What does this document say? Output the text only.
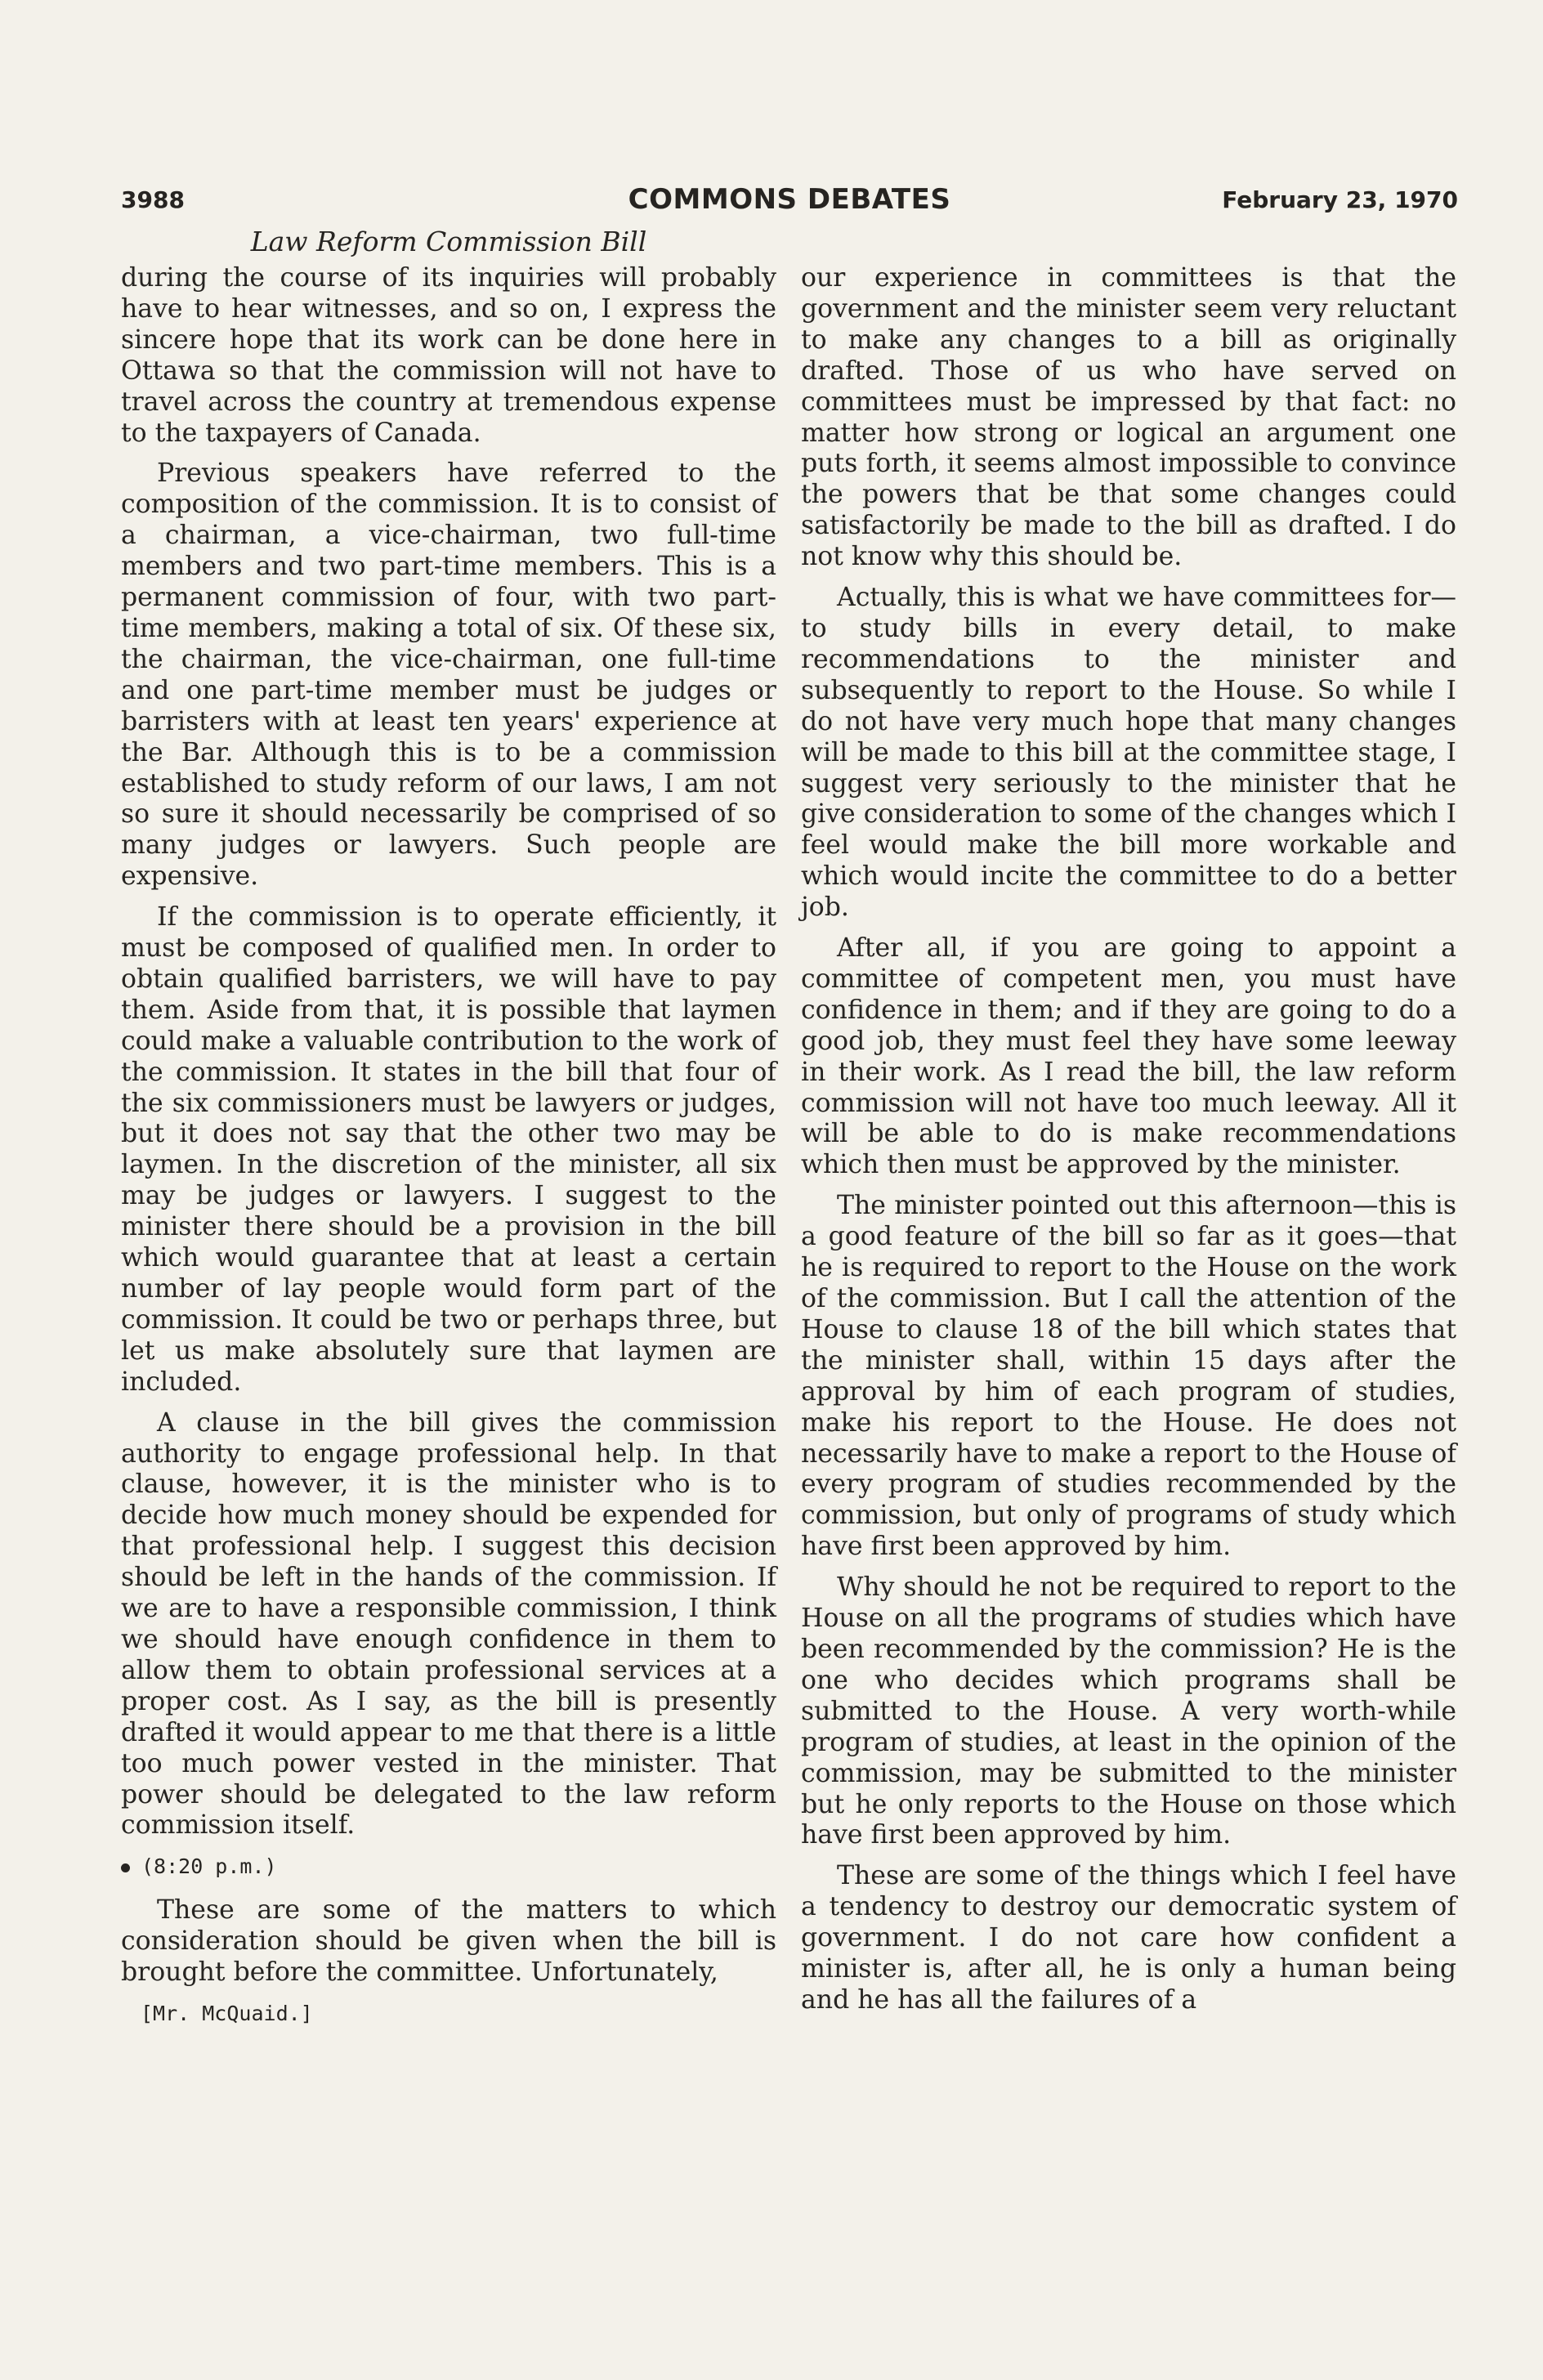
3988	COMMONS DEBATES	February 23, 1970
Law Reform Commission Bill

during the course of its inquiries will probably have to hear witnesses, and so on, I express the sincere hope that its work can be done here in Ottawa so that the commission will not have to travel across the country at tremendous expense to the taxpayers of Canada.

Previous speakers have referred to the composition of the commission. It is to consist of a chairman, a vice-chairman, two full-time members and two part-time members. This is a permanent commission of four, with two part-time members, making a total of six. Of these six, the chairman, the vice-chairman, one full-time and one part-time member must be judges or barristers with at least ten years' experience at the Bar. Although this is to be a commission established to study reform of our laws, I am not so sure it should necessarily be comprised of so many judges or lawyers. Such people are expensive.

If the commission is to operate efficiently, it must be composed of qualified men. In order to obtain qualified barristers, we will have to pay them. Aside from that, it is possible that laymen could make a valuable contribution to the work of the commission. It states in the bill that four of the six commissioners must be lawyers or judges, but it does not say that the other two may be laymen. In the discretion of the minister, all six may be judges or lawyers. I suggest to the minister there should be a provision in the bill which would guarantee that at least a certain number of lay people would form part of the commission. It could be two or perhaps three, but let us make absolutely sure that laymen are included.

A clause in the bill gives the commission authority to engage professional help. In that clause, however, it is the minister who is to decide how much money should be expended for that professional help. I suggest this decision should be left in the hands of the commission. If we are to have a responsible commission, I think we should have enough confidence in them to allow them to obtain professional services at a proper cost. As I say, as the bill is presently drafted it would appear to me that there is a little too much power vested in the minister. That power should be delegated to the law reform commission itself.

(8:20 p.m.)

These are some of the matters to which consideration should be given when the bill is brought before the committee. Unfortunately,

[Mr. McQuaid.]

our experience in committees is that the government and the minister seem very reluctant to make any changes to a bill as originally drafted. Those of us who have served on committees must be impressed by that fact: no matter how strong or logical an argument one puts forth, it seems almost impossible to convince the powers that be that some changes could satisfactorily be made to the bill as drafted. I do not know why this should be.

Actually, this is what we have committees for—to study bills in every detail, to make recommendations to the minister and subsequently to report to the House. So while I do not have very much hope that many changes will be made to this bill at the committee stage, I suggest very seriously to the minister that he give consideration to some of the changes which I feel would make the bill more workable and which would incite the committee to do a better job.

After all, if you are going to appoint a committee of competent men, you must have confidence in them; and if they are going to do a good job, they must feel they have some leeway in their work. As I read the bill, the law reform commission will not have too much leeway. All it will be able to do is make recommendations which then must be approved by the minister.

The minister pointed out this afternoon—this is a good feature of the bill so far as it goes—that he is required to report to the House on the work of the commission. But I call the attention of the House to clause 18 of the bill which states that the minister shall, within 15 days after the approval by him of each program of studies, make his report to the House. He does not necessarily have to make a report to the House of every program of studies recommended by the commission, but only of programs of study which have first been approved by him.

Why should he not be required to report to the House on all the programs of studies which have been recommended by the commission? He is the one who decides which programs shall be submitted to the House. A very worth-while program of studies, at least in the opinion of the commission, may be submitted to the minister but he only reports to the House on those which have first been approved by him.

These are some of the things which I feel have a tendency to destroy our democratic system of government. I do not care how confident a minister is, after all, he is only a human being and he has all the failures of a
